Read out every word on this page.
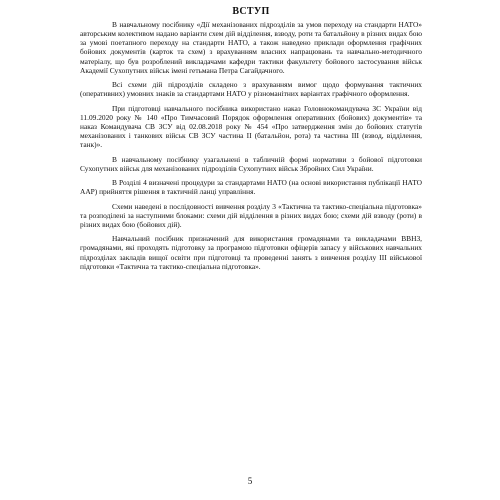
ВСТУП

В навчальному посібнику «Дії механізованих підрозділів за умов переходу на стандарти НАТО» авторським колективом надано варіанти схем дій відділення, взводу, роти та батальйону в різних видах бою за умові поетапного переходу на стандарти НАТО, а також наведено приклади оформлення графічних бойових документів (карток та схем) з врахуванням власних напрацювань та навчально-методичного матеріалу, що був розроблений викладачами кафедри тактики факультету бойового застосування військ Академії Сухопутних військ імені гетьмана Петра Сагайдачного.

Всі схеми дій підрозділів складено з врахуванням вимог щодо формування тактичних (оперативних) умовних знаків за стандартами НАТО у різноманітних варіантах графічного оформлення.

При підготовці навчального посібника використано наказ Головнокомандувача ЗС України від 11.09.2020 року № 140 «Про Тимчасовий Порядок оформлення оперативних (бойових) документів» та наказ Командувача СВ ЗСУ від 02.08.2018 року № 454 «Про затвердження змін до бойових статутів механізованих і танкових військ СВ ЗСУ частина ІІ (батальйон, рота) та частина ІІІ (взвод, відділення, танк)».

В навчальному посібнику узагальнені в табличній формі нормативи з бойової підготовки Сухопутних військ для механізованих підрозділів Сухопутних військ Збройних Сил України.

В Розділі 4 визначені процедури за стандартами НАТО (на основі використання публікації НАТО ААР) прийняття рішення в тактичній ланці управління.

Схеми наведені в послідовності вивчення розділу 3 «Тактична та тактико-спеціальна підготовка» та розподілені за наступними блоками: схеми дій відділення в різних видах бою; схеми дій взводу (роти) в різних видах бою (бойових дій).

Навчальний посібник призначений для використання громадянами та викладачами ВВНЗ, громадянами, які проходять підготовку за програмою підготовки офіцерів запасу у військових навчальних підрозділах закладів вищої освіти при підготовці та проведенні занять з вивчення розділу ІІІ військової підготовки «Тактична та тактико-спеціальна підготовка».

5
